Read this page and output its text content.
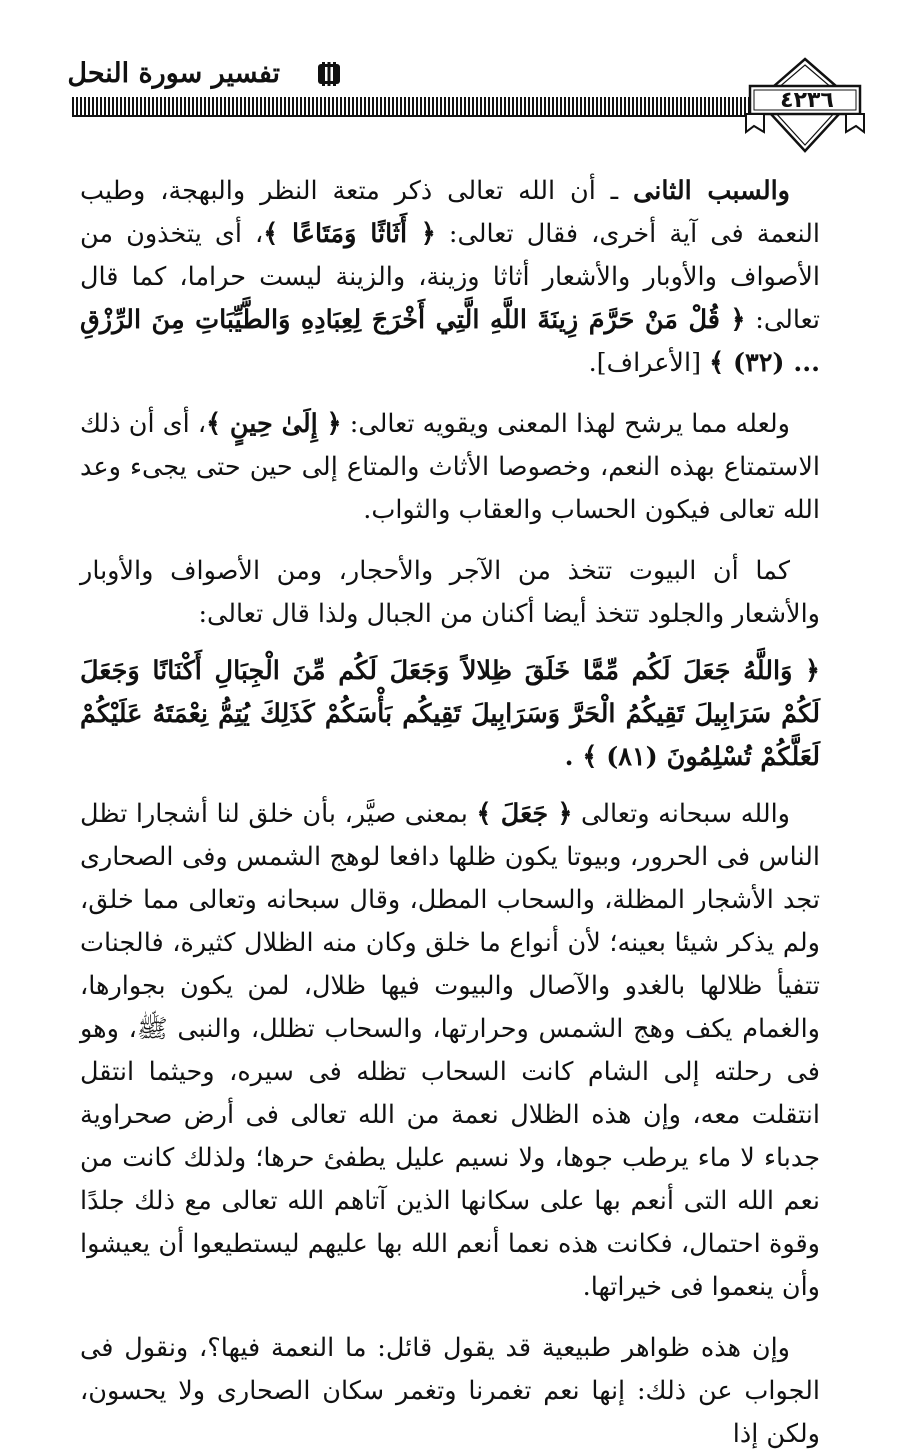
تفسير سورة النحل
٤٢٣٦

والسبب الثانى ـ أن الله تعالى ذكر متعة النظر والبهجة، وطيب النعمة فى آية أخرى، فقال تعالى: ﴿ أَثَاثًا وَمَتَاعًا ﴾، أى يتخذون من الأصواف والأوبار والأشعار أثاثا وزينة، والزينة ليست حراما، كما قال تعالى: ﴿ قُلْ مَنْ حَرَّمَ زِينَةَ اللَّهِ الَّتِي أَخْرَجَ لِعِبَادِهِ وَالطَّيِّبَاتِ مِنَ الرِّزْقِ ... (٣٢) ﴾ [الأعراف].

ولعله مما يرشح لهذا المعنى ويقويه تعالى: ﴿ إِلَىٰ حِينٍ ﴾، أى أن ذلك الاستمتاع بهذه النعم، وخصوصا الأثاث والمتاع إلى حين حتى يجىء وعد الله تعالى فيكون الحساب والعقاب والثواب.

كما أن البيوت تتخذ من الآجر والأحجار، ومن الأصواف والأوبار والأشعار والجلود تتخذ أيضا أكنان من الجبال ولذا قال تعالى:

﴿ وَاللَّهُ جَعَلَ لَكُم مِّمَّا خَلَقَ ظِلالاً وَجَعَلَ لَكُم مِّنَ الْجِبَالِ أَكْنَانًا وَجَعَلَ لَكُمْ سَرَابِيلَ تَقِيكُمُ الْحَرَّ وَسَرَابِيلَ تَقِيكُم بَأْسَكُمْ كَذَلِكَ يُتِمُّ نِعْمَتَهُ عَلَيْكُمْ لَعَلَّكُمْ تُسْلِمُونَ (٨١) ﴾ .

والله سبحانه وتعالى ﴿ جَعَلَ ﴾ بمعنى صيَّر، بأن خلق لنا أشجارا تظل الناس فى الحرور، وبيوتا يكون ظلها دافعا لوهج الشمس وفى الصحارى تجد الأشجار المظلة، والسحاب المطل، وقال سبحانه وتعالى مما خلق، ولم يذكر شيئا بعينه؛ لأن أنواع ما خلق وكان منه الظلال كثيرة، فالجنات تتفيأ ظلالها بالغدو والآصال والبيوت فيها ظلال، لمن يكون بجوارها، والغمام يكف وهج الشمس وحرارتها، والسحاب تظلل، والنبى ﷺ، وهو فى رحلته إلى الشام كانت السحاب تظله فى سيره، وحيثما انتقل انتقلت معه، وإن هذه الظلال نعمة من الله تعالى فى أرض صحراوية جدباء لا ماء يرطب جوها، ولا نسيم عليل يطفئ حرها؛ ولذلك كانت من نعم الله التى أنعم بها على سكانها الذين آتاهم الله تعالى مع ذلك جلدًا وقوة احتمال، فكانت هذه نعما أنعم الله بها عليهم ليستطيعوا أن يعيشوا وأن ينعموا فى خيراتها.

وإن هذه ظواهر طبيعية قد يقول قائل: ما النعمة فيها؟، ونقول فى الجواب عن ذلك: إنها نعم تغمرنا وتغمر سكان الصحارى ولا يحسون، ولكن إذا
